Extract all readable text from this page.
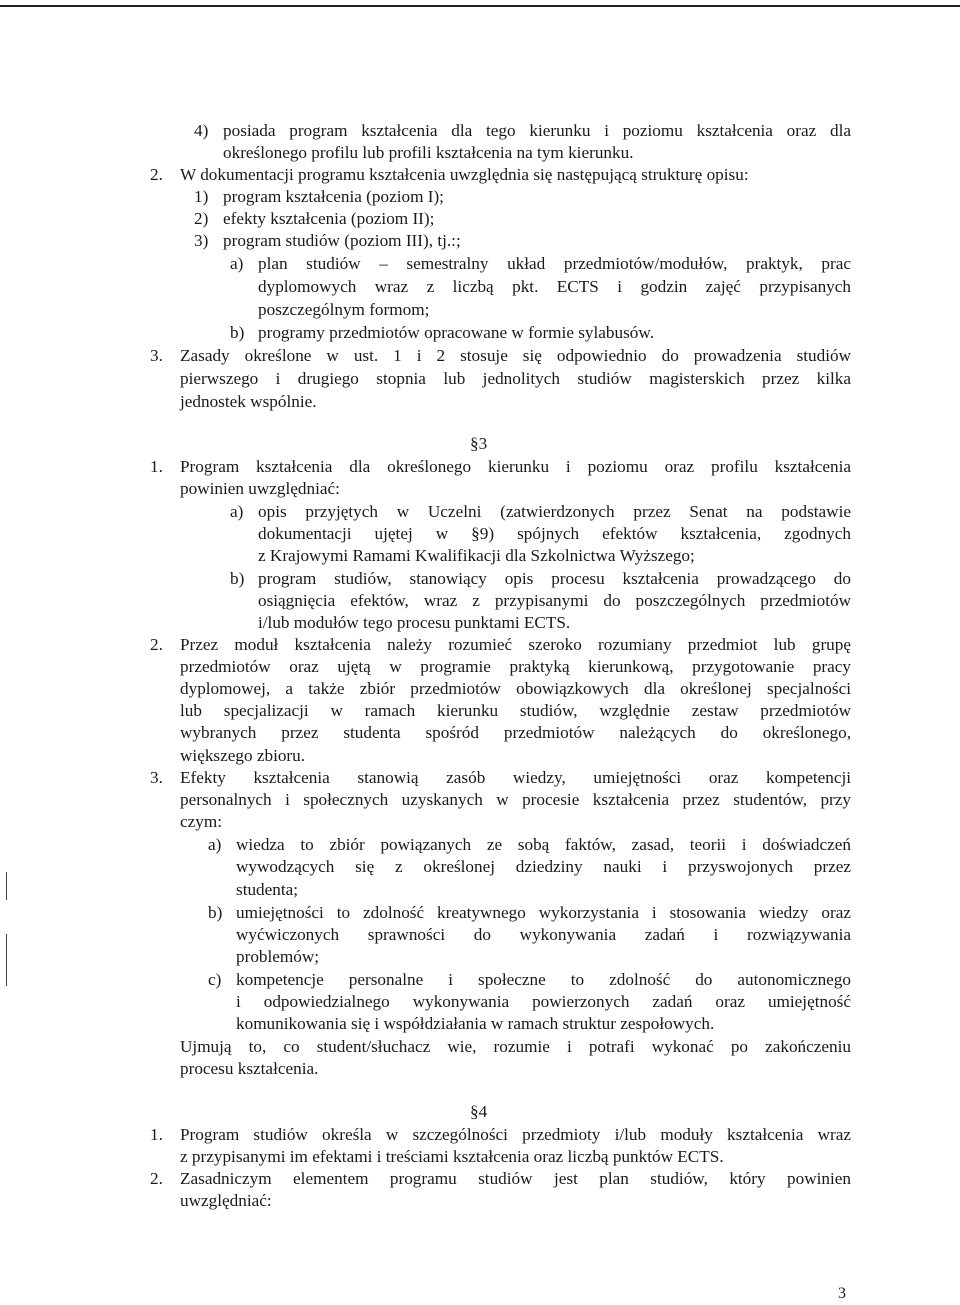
4) posiada program kształcenia dla tego kierunku i poziomu kształcenia oraz dla
określonego profilu lub profili kształcenia na tym kierunku.
2. W dokumentacji programu kształcenia uwzględnia się następującą strukturę opisu:
1) program kształcenia (poziom I);
2) efekty kształcenia (poziom II);
3) program studiów (poziom III), tj.:;
a) plan studiów – semestralny układ przedmiotów/modułów, praktyk, prac
dyplomowych wraz z liczbą pkt. ECTS i godzin zajęć przypisanych
poszczególnym formom;
b) programy przedmiotów opracowane w formie sylabusów.
3. Zasady określone w ust. 1 i 2 stosuje się odpowiednio do prowadzenia studiów
pierwszego i drugiego stopnia lub jednolitych studiów magisterskich przez kilka
jednostek wspólnie.
§3
1. Program kształcenia dla określonego kierunku i poziomu oraz profilu kształcenia
powinien uwzględniać:
a) opis przyjętych w Uczelni (zatwierdzonych przez Senat na podstawie
dokumentacji ujętej w §9) spójnych efektów kształcenia, zgodnych
z Krajowymi Ramami Kwalifikacji dla Szkolnictwa Wyższego;
b) program studiów, stanowiący opis procesu kształcenia prowadzącego do
osiągnięcia efektów, wraz z przypisanymi do poszczególnych przedmiotów
i/lub modułów tego procesu punktami ECTS.
2. Przez moduł kształcenia należy rozumieć szeroko rozumiany przedmiot lub grupę
przedmiotów oraz ujętą w programie praktyką kierunkową, przygotowanie pracy
dyplomowej, a także zbiór przedmiotów obowiązkowych dla określonej specjalności
lub specjalizacji w ramach kierunku studiów, względnie zestaw przedmiotów
wybranych przez studenta spośród przedmiotów należących do określonego,
większego zbioru.
3. Efekty kształcenia stanowią zasób wiedzy, umiejętności oraz kompetencji
personalnych i społecznych uzyskanych w procesie kształcenia przez studentów, przy
czym:
a) wiedza to zbiór powiązanych ze sobą faktów, zasad, teorii i doświadczeń
wywodzących się z określonej dziedziny nauki i przyswojonych przez
studenta;
b) umiejętności to zdolność kreatywnego wykorzystania i stosowania wiedzy oraz
wyćwiczonych sprawności do wykonywania zadań i rozwiązywania
problemów;
c) kompetencje personalne i społeczne to zdolność do autonomicznego
i odpowiedzialnego wykonywania powierzonych zadań oraz umiejętność
komunikowania się i współdziałania w ramach struktur zespołowych.
Ujmują to, co student/słuchacz wie, rozumie i potrafi wykonać po zakończeniu
procesu kształcenia.
§4
1. Program studiów określa w szczególności przedmioty i/lub moduły kształcenia wraz
z przypisanymi im efektami i treściami kształcenia oraz liczbą punktów ECTS.
2. Zasadniczym elementem programu studiów jest plan studiów, który powinien
uwzględniać:
3
